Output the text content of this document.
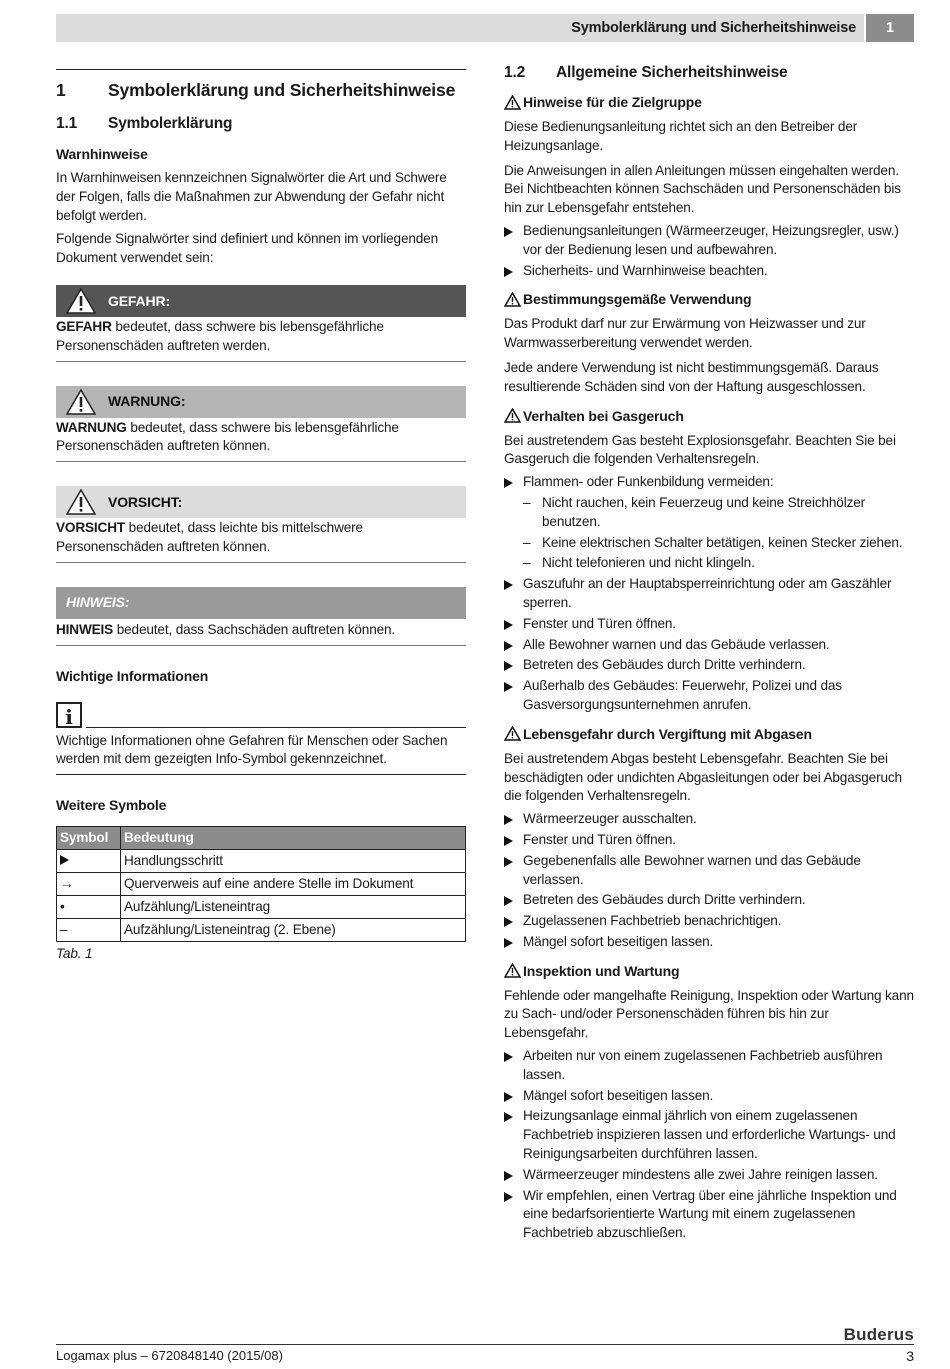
Symbolerklärung und Sicherheitshinweise	1
1	Symbolerklärung und Sicherheitshinweise
1.1	Symbolerklärung

Warnhinweise

In Warnhinweisen kennzeichnen Signalwörter die Art und Schwere der Folgen, falls die Maßnahmen zur Abwendung der Gefahr nicht befolgt werden.

Folgende Signalwörter sind definiert und können im vorliegenden Dokument verwendet sein:

GEFAHR:
GEFAHR bedeutet, dass schwere bis lebensgefährliche Personenschäden auftreten werden.
WARNUNG:
WARNUNG bedeutet, dass schwere bis lebensgefährliche Personenschäden auftreten können.
VORSICHT:
VORSICHT bedeutet, dass leichte bis mittelschwere Personenschäden auftreten können.
HINWEIS:
HINWEIS bedeutet, dass Sachschäden auftreten können.

Wichtige Informationen

i
Wichtige Informationen ohne Gefahren für Menschen oder Sachen werden mit dem gezeigten Info-Symbol gekennzeichnet.

Weitere Symbole

Symbol	Bedeutung
	Handlungsschritt
→	Querverweis auf eine andere Stelle im Dokument
•	Aufzählung/Listeneintrag
–	Aufzählung/Listeneintrag (2. Ebene)
Tab. 1
1.2	Allgemeine Sicherheitshinweise
Hinweise für die Zielgruppe

Diese Bedienungsanleitung richtet sich an den Betreiber der Heizungsanlage.

Die Anweisungen in allen Anleitungen müssen eingehalten werden. Bei Nichtbeachten können Sachschäden und Personenschäden bis hin zur Lebensgefahr entstehen.

Bedienungsanleitungen (Wärmeerzeuger, Heizungsregler, usw.) vor der Bedienung lesen und aufbewahren.
Sicherheits- und Warnhinweise beachten.
Bestimmungsgemäße Verwendung

Das Produkt darf nur zur Erwärmung von Heizwasser und zur Warmwasserbereitung verwendet werden.

Jede andere Verwendung ist nicht bestimmungsgemäß. Daraus resultierende Schäden sind von der Haftung ausgeschlossen.

Verhalten bei Gasgeruch

Bei austretendem Gas besteht Explosionsgefahr. Beachten Sie bei Gasgeruch die folgenden Verhaltensregeln.

Flammen- oder Funkenbildung vermeiden:
– Nicht rauchen, kein Feuerzeug und keine Streichhölzer benutzen.
– Keine elektrischen Schalter betätigen, keinen Stecker ziehen.
– Nicht telefonieren und nicht klingeln.
Gaszufuhr an der Hauptabsperreinrichtung oder am Gaszähler sperren.
Fenster und Türen öffnen.
Alle Bewohner warnen und das Gebäude verlassen.
Betreten des Gebäudes durch Dritte verhindern.
Außerhalb des Gebäudes: Feuerwehr, Polizei und das Gasversorgungsunternehmen anrufen.
Lebensgefahr durch Vergiftung mit Abgasen

Bei austretendem Abgas besteht Lebensgefahr. Beachten Sie bei beschädigten oder undichten Abgasleitungen oder bei Abgasgeruch die folgenden Verhaltensregeln.

Wärmeerzeuger ausschalten.
Fenster und Türen öffnen.
Gegebenenfalls alle Bewohner warnen und das Gebäude verlassen.
Betreten des Gebäudes durch Dritte verhindern.
Zugelassenen Fachbetrieb benachrichtigen.
Mängel sofort beseitigen lassen.
Inspektion und Wartung

Fehlende oder mangelhafte Reinigung, Inspektion oder Wartung kann zu Sach- und/oder Personenschäden führen bis hin zur Lebensgefahr.

Arbeiten nur von einem zugelassenen Fachbetrieb ausführen lassen.
Mängel sofort beseitigen lassen.
Heizungsanlage einmal jährlich von einem zugelassenen Fachbetrieb inspizieren lassen und erforderliche Wartungs- und Reinigungsarbeiten durchführen lassen.
Wärmeerzeuger mindestens alle zwei Jahre reinigen lassen.
Wir empfehlen, einen Vertrag über eine jährliche Inspektion und eine bedarfsorientierte Wartung mit einem zugelassenen Fachbetrieb abzuschließen.
Buderus
Logamax plus – 6720848140 (2015/08)	3
